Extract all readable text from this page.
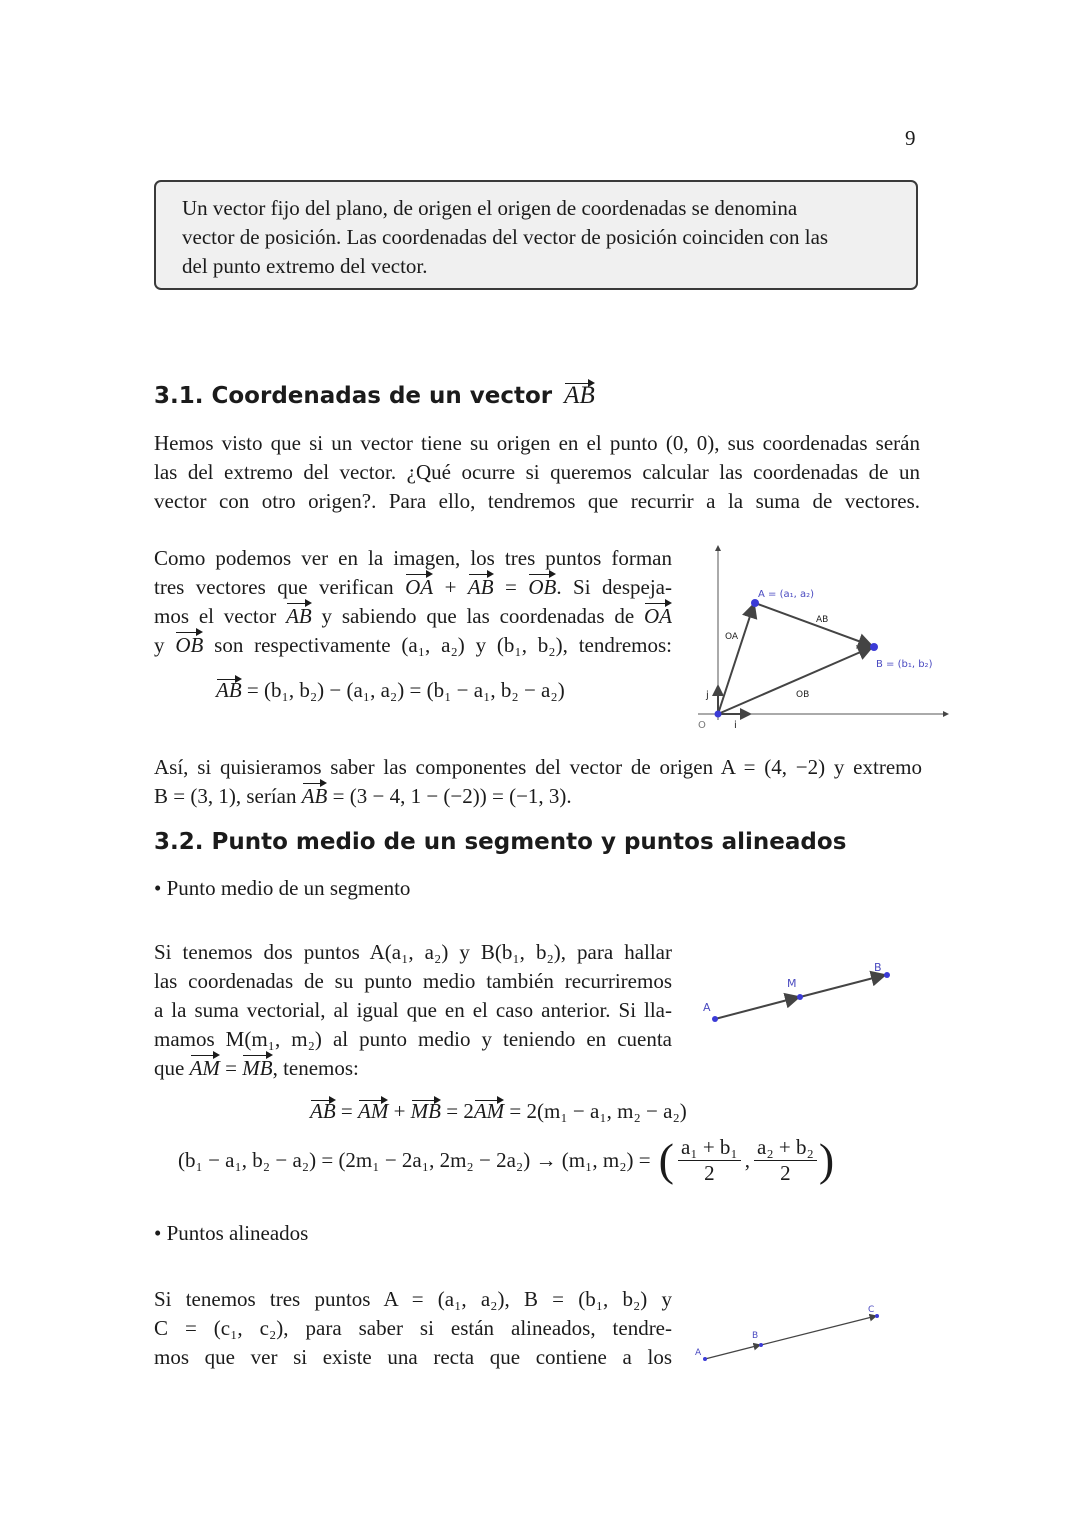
9
Un vector fijo del plano, de origen el origen de coordenadas se denomina
vector de posición. Las coordenadas del vector de posición coinciden con las
del punto extremo del vector.
3.1. Coordenadas de un vector AB
Hemos visto que si un vector tiene su origen en el punto (0, 0), sus coordenadas serán
las del extremo del vector. ¿Qué ocurre si queremos calcular las coordenadas de un
vector con otro origen?. Para ello, tendremos que recurrir a la suma de vectores.
Como podemos ver en la imagen, los tres puntos forman
tres vectores que verifican OA + AB = OB. Si despeja-
mos el vector AB y sabiendo que las coordenadas de OA
y OB son respectivamente (a₁, a₂) y (b₁, b₂), tendremos:
AB = (b₁, b₂) − (a₁, a₂) = (b₁ − a₁, b₂ − a₂)
A = (a₁, a₂)
B = (b₁, b₂)
AB
OA
OB
O	i
j
Así, si quisieramos saber las componentes del vector de origen A = (4, −2) y extremo
B = (3, 1), serían AB = (3 − 4, 1 − (−2)) = (−1, 3).
3.2. Punto medio de un segmento y puntos alineados
• Punto medio de un segmento
Si tenemos dos puntos A(a₁, a₂) y B(b₁, b₂), para hallar
las coordenadas de su punto medio también recurriremos
a la suma vectorial, al igual que en el caso anterior. Si lla-
mamos M(m₁, m₂) al punto medio y teniendo en cuenta
que AM = MB, tenemos:
A
M
B
AB = AM + MB = 2AM = 2(m₁ − a₁, m₂ − a₂)
(b₁ − a₁, b₂ − a₂) = (2m₁ − 2a₁, 2m₂ − 2a₂) → (m₁, m₂) = ( $\frac{\text{a₁ + b₁}}{2}$ , $\frac{\text{a₂ + b₂}}{2}$ )
• Puntos alineados
Si tenemos tres puntos A = (a₁, a₂), B = (b₁, b₂) y
C = (c₁, c₂), para saber si están alineados, tendre-
mos que ver si existe una recta que contiene a los	A
B
C
